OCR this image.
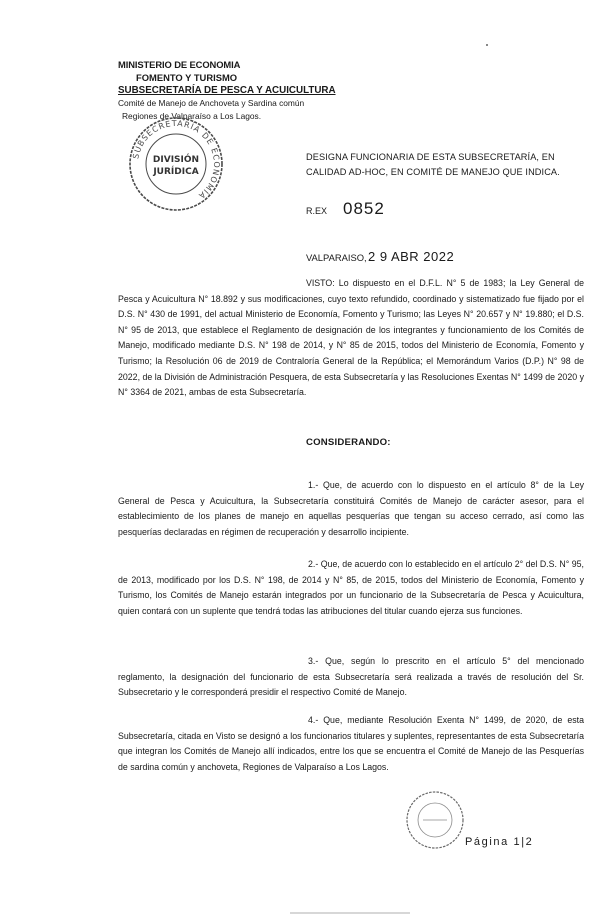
MINISTERIO DE ECONOMIA
FOMENTO Y TURISMO
SUBSECRETARÍA DE PESCA Y ACUICULTURA
Comité de Manejo de Anchoveta y Sardina común
Regiones de Valparaíso a Los Lagos.
SUBSECRETARÍA DE ECONOMÍA
DIVISIÓN
JURÍDICA
DESIGNA FUNCIONARIA DE ESTA SUBSECRETARÍA, EN CALIDAD AD-HOC, EN COMITÉ DE MANEJO QUE INDICA.
R.EX 0852
VALPARAISO, 2 9 ABR 2022
VISTO: Lo dispuesto en el D.F.L. N° 5 de 1983; la Ley General de Pesca y Acuicultura N° 18.892 y sus modificaciones, cuyo texto refundido, coordinado y sistematizado fue fijado por el D.S. N° 430 de 1991, del actual Ministerio de Economía, Fomento y Turismo; las Leyes N° 20.657 y N° 19.880; el D.S. N° 95 de 2013, que establece el Reglamento de designación de los integrantes y funcionamiento de los Comités de Manejo, modificado mediante D.S. N° 198 de 2014, y N° 85 de 2015, todos del Ministerio de Economía, Fomento y Turismo; la Resolución 06 de 2019 de Contraloría General de la República; el Memorándum Varios (D.P.) N° 98 de 2022, de la División de Administración Pesquera, de esta Subsecretaría y las Resoluciones Exentas N° 1499 de 2020 y N° 3364 de 2021, ambas de esta Subsecretaría.
CONSIDERANDO:
1.- Que, de acuerdo con lo dispuesto en el artículo 8° de la Ley General de Pesca y Acuicultura, la Subsecretaría constituirá Comités de Manejo de carácter asesor, para el establecimiento de los planes de manejo en aquellas pesquerías que tengan su acceso cerrado, así como las pesquerías declaradas en régimen de recuperación y desarrollo incipiente.
2.- Que, de acuerdo con lo establecido en el artículo 2° del D.S. N° 95, de 2013, modificado por los D.S. N° 198, de 2014 y N° 85, de 2015, todos del Ministerio de Economía, Fomento y Turismo, los Comités de Manejo estarán integrados por un funcionario de la Subsecretaría de Pesca y Acuicultura, quien contará con un suplente que tendrá todas las atribuciones del titular cuando ejerza sus funciones.
3.- Que, según lo prescrito en el artículo 5° del mencionado reglamento, la designación del funcionario de esta Subsecretaría será realizada a través de resolución del Sr. Subsecretario y le corresponderá presidir el respectivo Comité de Manejo.
4.- Que, mediante Resolución Exenta N° 1499, de 2020, de esta Subsecretaría, citada en Visto se designó a los funcionarios titulares y suplentes, representantes de esta Subsecretaría que integran los Comités de Manejo allí indicados, entre los que se encuentra el Comité de Manejo de las Pesquerías de sardina común y anchoveta, Regiones de Valparaíso a Los Lagos.
Página 1|2
